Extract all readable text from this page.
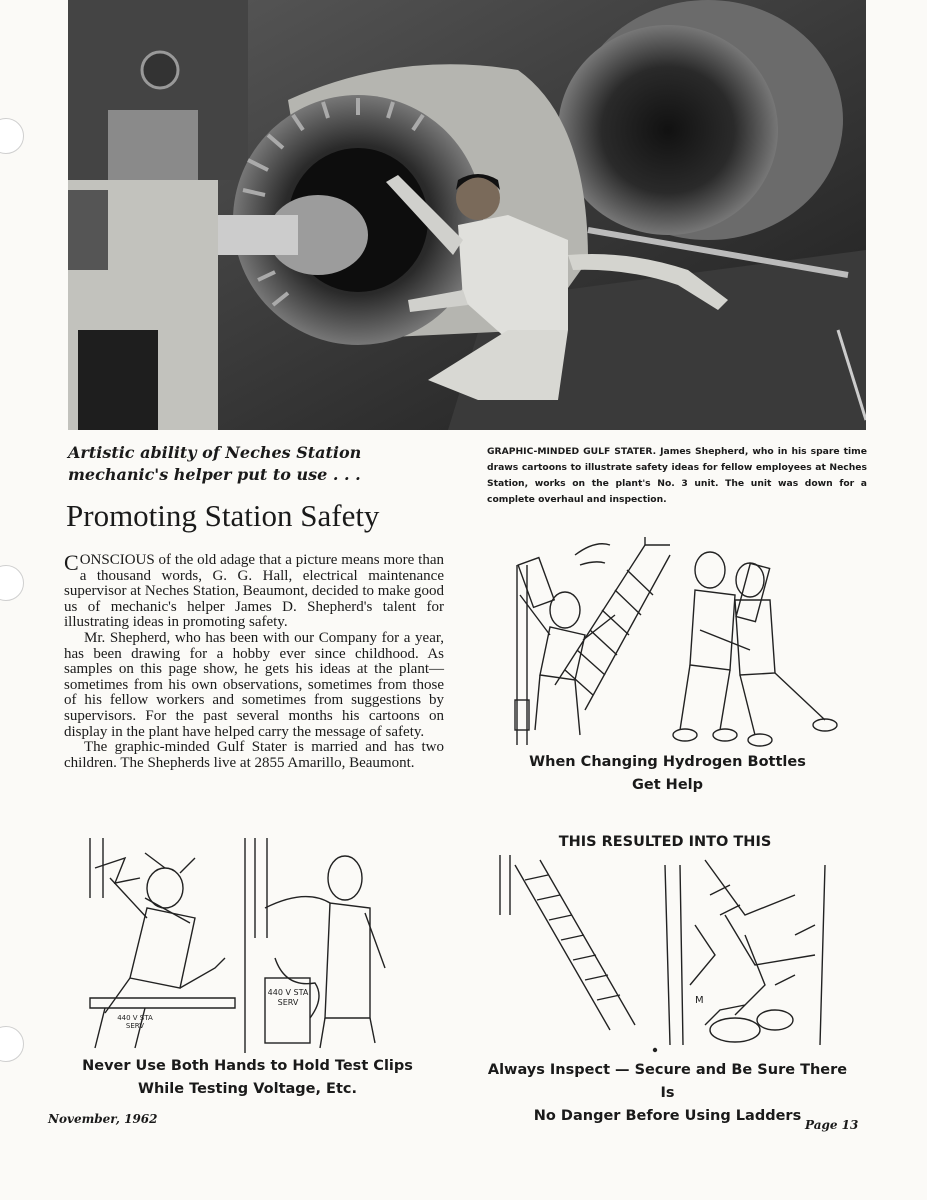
Artistic ability of Neches Station
mechanic's helper put to use . . .
GRAPHIC-MINDED GULF STATER. James Shepherd, who in his spare time draws cartoons to illustrate safety ideas for fellow employees at Neches Station, works on the plant's No. 3 unit. The unit was down for a complete overhaul and inspection.
Promoting Station Safety

C ONSCIOUS of the old adage that a picture means more than a thousand words, G. G. Hall, electrical maintenance supervisor at Neches Station, Beaumont, decided to make good us of mechanic's helper James D. Shepherd's talent for illustrating ideas in promoting safety.

Mr. Shepherd, who has been with our Company for a year, has been drawing for a hobby ever since childhood. As samples on this page show, he gets his ideas at the plant—sometimes from his own observations, sometimes from those of his fellow workers and sometimes from suggestions by supervisors. For the past several months his cartoons on display in the plant have helped carry the message of safety.

The graphic-minded Gulf Stater is married and has two children. The Shepherds live at 2855 Amarillo, Beaumont.	When Changing Hydrogen Bottles
Get Help
THIS RESULTED INTO THIS
M
Always Inspect — Secure and Be Sure There Is
No Danger Before Using Ladders
440 V STA SERV
440 V STA SERV
Never Use Both Hands to Hold Test Clips
While Testing Voltage, Etc.
November, 1962	Page 13
